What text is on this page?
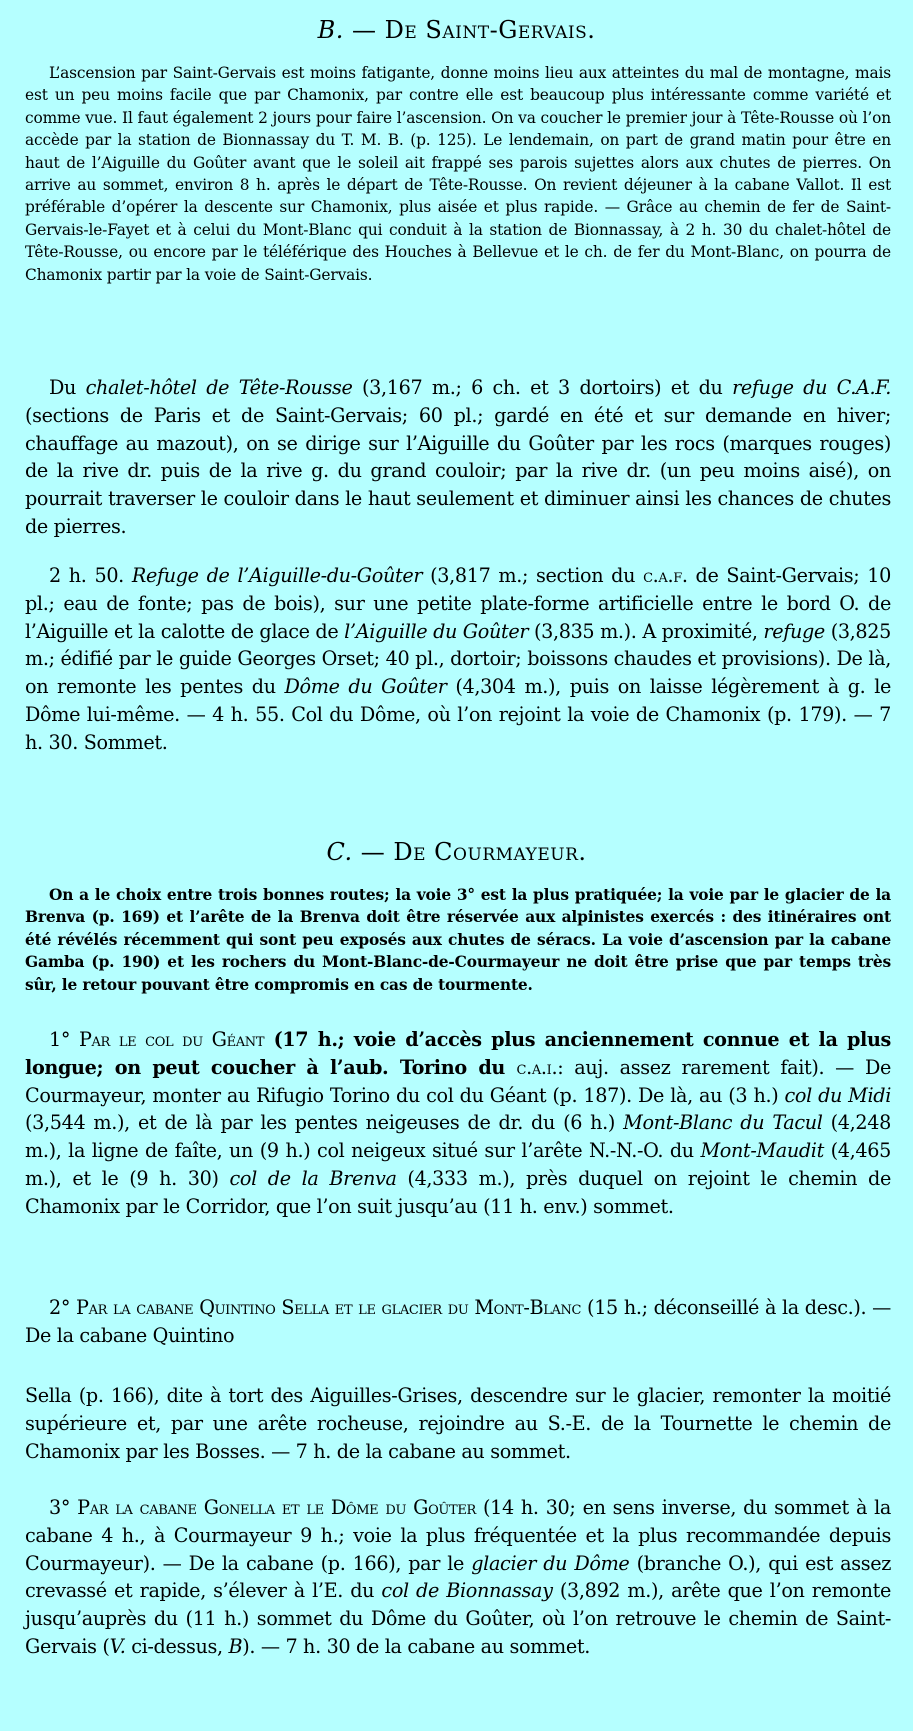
B. — De Saint-Gervais.

L’ascension par Saint-Gervais est moins fatigante, donne moins lieu aux atteintes du mal de montagne, mais est un peu moins facile que par Chamonix, par contre elle est beaucoup plus intéressante comme variété et comme vue. Il faut également 2 jours pour faire l’ascension. On va coucher le premier jour à Tête-Rousse où l’on accède par la station de Bionnassay du T. M. B. (p. 125). Le lendemain, on part de grand matin pour être en haut de l’Aiguille du Goûter avant que le soleil ait frappé ses parois sujettes alors aux chutes de pierres. On arrive au sommet, environ 8 h. après le départ de Tête-Rousse. On revient déjeuner à la cabane Vallot. Il est préférable d’opérer la descente sur Chamonix, plus aisée et plus rapide. — Grâce au chemin de fer de Saint-Gervais-le-Fayet et à celui du Mont-Blanc qui conduit à la station de Bionnassay, à 2 h. 30 du chalet-hôtel de Tête-Rousse, ou encore par le téléférique des Houches à Bellevue et le ch. de fer du Mont-Blanc, on pourra de Chamonix partir par la voie de Saint-Gervais.

Du chalet-hôtel de Tête-Rousse (3,167 m.; 6 ch. et 3 dortoirs) et du refuge du C.A.F. (sections de Paris et de Saint-Gervais; 60 pl.; gardé en été et sur demande en hiver; chauffage au mazout), on se dirige sur l’Aiguille du Goûter par les rocs (marques rouges) de la rive dr. puis de la rive g. du grand couloir; par la rive dr. (un peu moins aisé), on pourrait traverser le couloir dans le haut seulement et diminuer ainsi les chances de chutes de pierres.

2 h. 50. Refuge de l’Aiguille-du-Goûter (3,817 m.; section du c.a.f. de Saint-Gervais; 10 pl.; eau de fonte; pas de bois), sur une petite plate-forme artificielle entre le bord O. de l’Aiguille et la calotte de glace de l’Aiguille du Goûter (3,835 m.). A proximité, refuge (3,825 m.; édifié par le guide Georges Orset; 40 pl., dortoir; boissons chaudes et provisions). De là, on remonte les pentes du Dôme du Goûter (4,304 m.), puis on laisse légèrement à g. le Dôme lui-même. — 4 h. 55. Col du Dôme, où l’on rejoint la voie de Chamonix (p. 179). — 7 h. 30. Sommet.

C. — De Courmayeur.

On a le choix entre trois bonnes routes; la voie 3° est la plus pratiquée; la voie par le glacier de la Brenva (p. 169) et l’arête de la Brenva doit être réservée aux alpinistes exercés : des itinéraires ont été révélés récemment qui sont peu exposés aux chutes de séracs. La voie d’ascension par la cabane Gamba (p. 190) et les rochers du Mont-Blanc-de-Courmayeur ne doit être prise que par temps très sûr, le retour pouvant être compromis en cas de tourmente.

1° Par le col du Géant (17 h.; voie d’accès plus anciennement connue et la plus longue; on peut coucher à l’aub. Torino du c.a.i.: auj. assez rarement fait). — De Courmayeur, monter au Rifugio Torino du col du Géant (p. 187). De là, au (3 h.) col du Midi (3,544 m.), et de là par les pentes neigeuses de dr. du (6 h.) Mont-Blanc du Tacul (4,248 m.), la ligne de faîte, un (9 h.) col neigeux situé sur l’arête N.-N.-O. du Mont-Maudit (4,465 m.), et le (9 h. 30) col de la Brenva (4,333 m.), près duquel on rejoint le chemin de Chamonix par le Corridor, que l’on suit jusqu’au (11 h. env.) sommet.

2° Par la cabane Quintino Sella et le glacier du Mont-Blanc (15 h.; déconseillé à la desc.). — De la cabane Quintino

Sella (p. 166), dite à tort des Aiguilles-Grises, descendre sur le glacier, remonter la moitié supérieure et, par une arête rocheuse, rejoindre au S.-E. de la Tournette le chemin de Chamonix par les Bosses. — 7 h. de la cabane au sommet.

3° Par la cabane Gonella et le Dôme du Goûter (14 h. 30; en sens inverse, du sommet à la cabane 4 h., à Courmayeur 9 h.; voie la plus fréquentée et la plus recommandée depuis Courmayeur). — De la cabane (p. 166), par le glacier du Dôme (branche O.), qui est assez crevassé et rapide, s’élever à l’E. du col de Bionnassay (3,892 m.), arête que l’on remonte jusqu’auprès du (11 h.) sommet du Dôme du Goûter, où l’on retrouve le chemin de Saint-Gervais (V. ci-dessus, B). — 7 h. 30 de la cabane au sommet.
